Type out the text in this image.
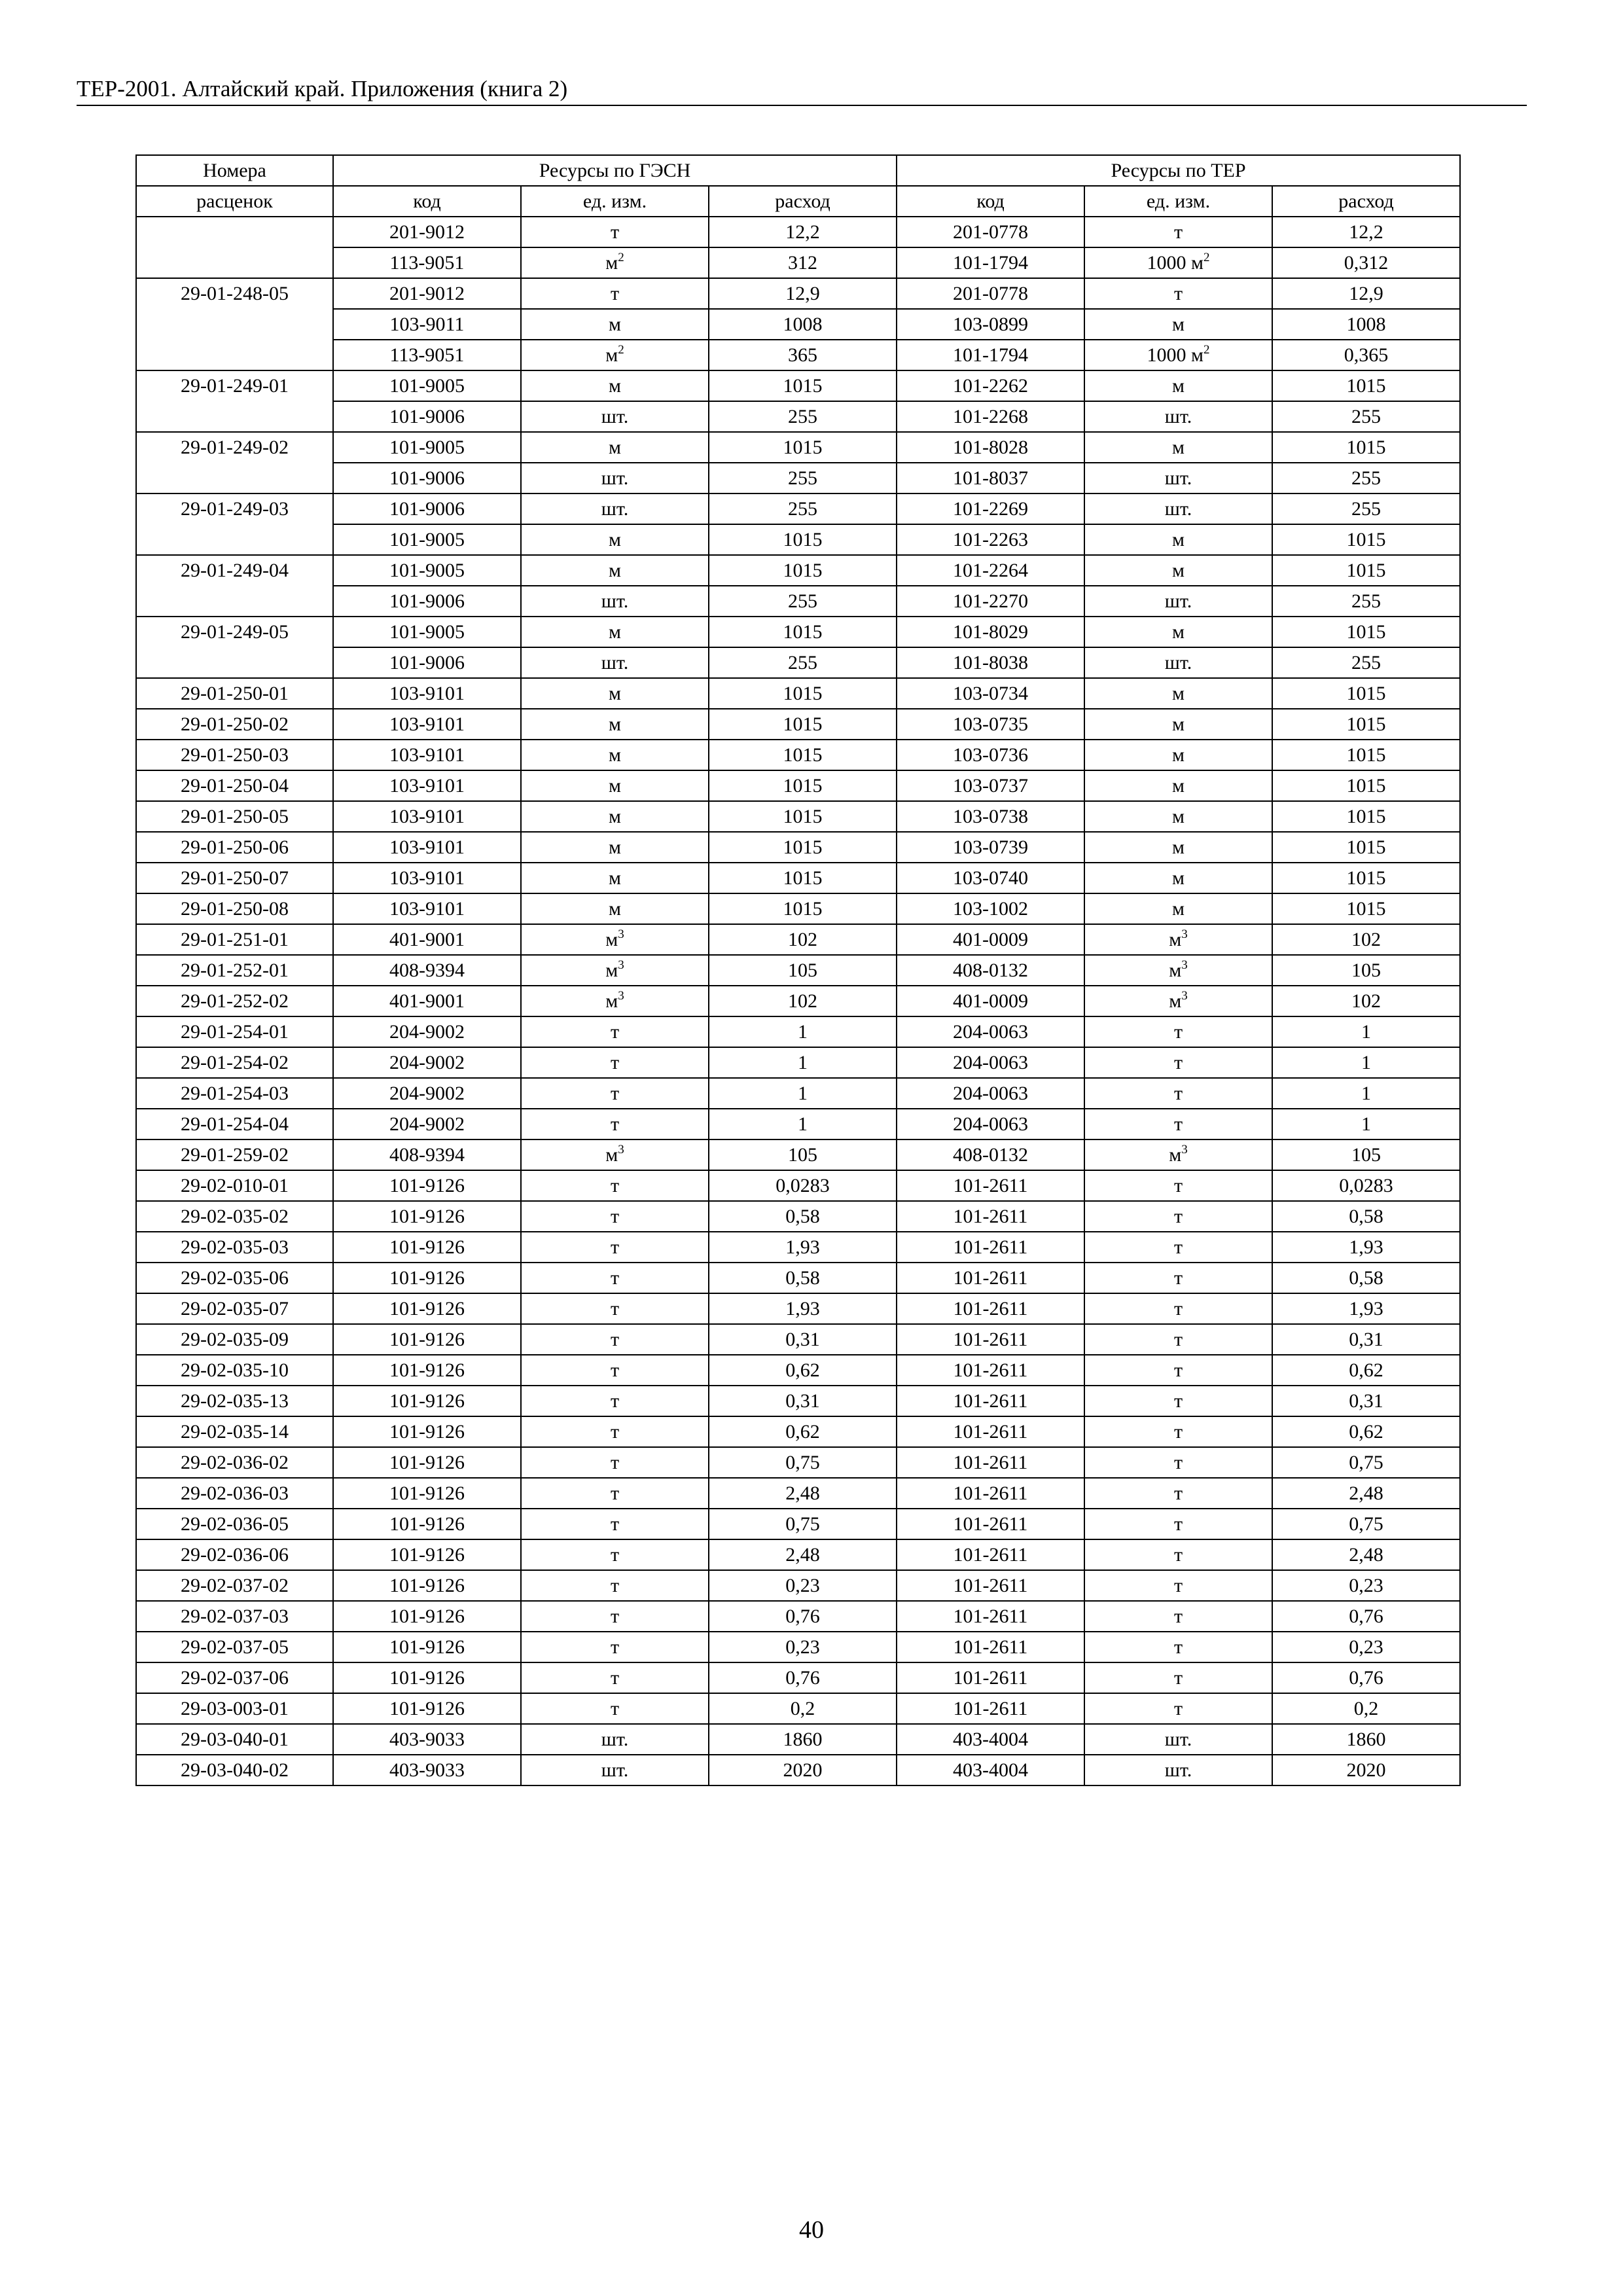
ТЕР-2001. Алтайский край. Приложения (книга 2)
Номера	Ресурсы по ГЭСН			Ресурсы по ТЕР		
расценок	код	ед. изм.	расход	код	ед. изм.	расход
	201-9012	т	12,2	201-0778	т	12,2
	113-9051	$м^2$	312	101-1794	1000 $м^2$	0,312
29-01-248-05	201-9012	т	12,9	201-0778	т	12,9
	103-9011	м	1008	103-0899	м	1008
	113-9051	$м^2$	365	101-1794	1000 $м^2$	0,365
29-01-249-01	101-9005	м	1015	101-2262	м	1015
	101-9006	шт.	255	101-2268	шт.	255
29-01-249-02	101-9005	м	1015	101-8028	м	1015
	101-9006	шт.	255	101-8037	шт.	255
29-01-249-03	101-9006	шт.	255	101-2269	шт.	255
	101-9005	м	1015	101-2263	м	1015
29-01-249-04	101-9005	м	1015	101-2264	м	1015
	101-9006	шт.	255	101-2270	шт.	255
29-01-249-05	101-9005	м	1015	101-8029	м	1015
	101-9006	шт.	255	101-8038	шт.	255
29-01-250-01	103-9101	м	1015	103-0734	м	1015
29-01-250-02	103-9101	м	1015	103-0735	м	1015
29-01-250-03	103-9101	м	1015	103-0736	м	1015
29-01-250-04	103-9101	м	1015	103-0737	м	1015
29-01-250-05	103-9101	м	1015	103-0738	м	1015
29-01-250-06	103-9101	м	1015	103-0739	м	1015
29-01-250-07	103-9101	м	1015	103-0740	м	1015
29-01-250-08	103-9101	м	1015	103-1002	м	1015
29-01-251-01	401-9001	$м^3$	102	401-0009	$м^3$	102
29-01-252-01	408-9394	$м^3$	105	408-0132	$м^3$	105
29-01-252-02	401-9001	$м^3$	102	401-0009	$м^3$	102
29-01-254-01	204-9002	т	1	204-0063	т	1
29-01-254-02	204-9002	т	1	204-0063	т	1
29-01-254-03	204-9002	т	1	204-0063	т	1
29-01-254-04	204-9002	т	1	204-0063	т	1
29-01-259-02	408-9394	$м^3$	105	408-0132	$м^3$	105
29-02-010-01	101-9126	т	0,0283	101-2611	т	0,0283
29-02-035-02	101-9126	т	0,58	101-2611	т	0,58
29-02-035-03	101-9126	т	1,93	101-2611	т	1,93
29-02-035-06	101-9126	т	0,58	101-2611	т	0,58
29-02-035-07	101-9126	т	1,93	101-2611	т	1,93
29-02-035-09	101-9126	т	0,31	101-2611	т	0,31
29-02-035-10	101-9126	т	0,62	101-2611	т	0,62
29-02-035-13	101-9126	т	0,31	101-2611	т	0,31
29-02-035-14	101-9126	т	0,62	101-2611	т	0,62
29-02-036-02	101-9126	т	0,75	101-2611	т	0,75
29-02-036-03	101-9126	т	2,48	101-2611	т	2,48
29-02-036-05	101-9126	т	0,75	101-2611	т	0,75
29-02-036-06	101-9126	т	2,48	101-2611	т	2,48
29-02-037-02	101-9126	т	0,23	101-2611	т	0,23
29-02-037-03	101-9126	т	0,76	101-2611	т	0,76
29-02-037-05	101-9126	т	0,23	101-2611	т	0,23
29-02-037-06	101-9126	т	0,76	101-2611	т	0,76
29-03-003-01	101-9126	т	0,2	101-2611	т	0,2
29-03-040-01	403-9033	шт.	1860	403-4004	шт.	1860
29-03-040-02	403-9033	шт.	2020	403-4004	шт.	2020
40
